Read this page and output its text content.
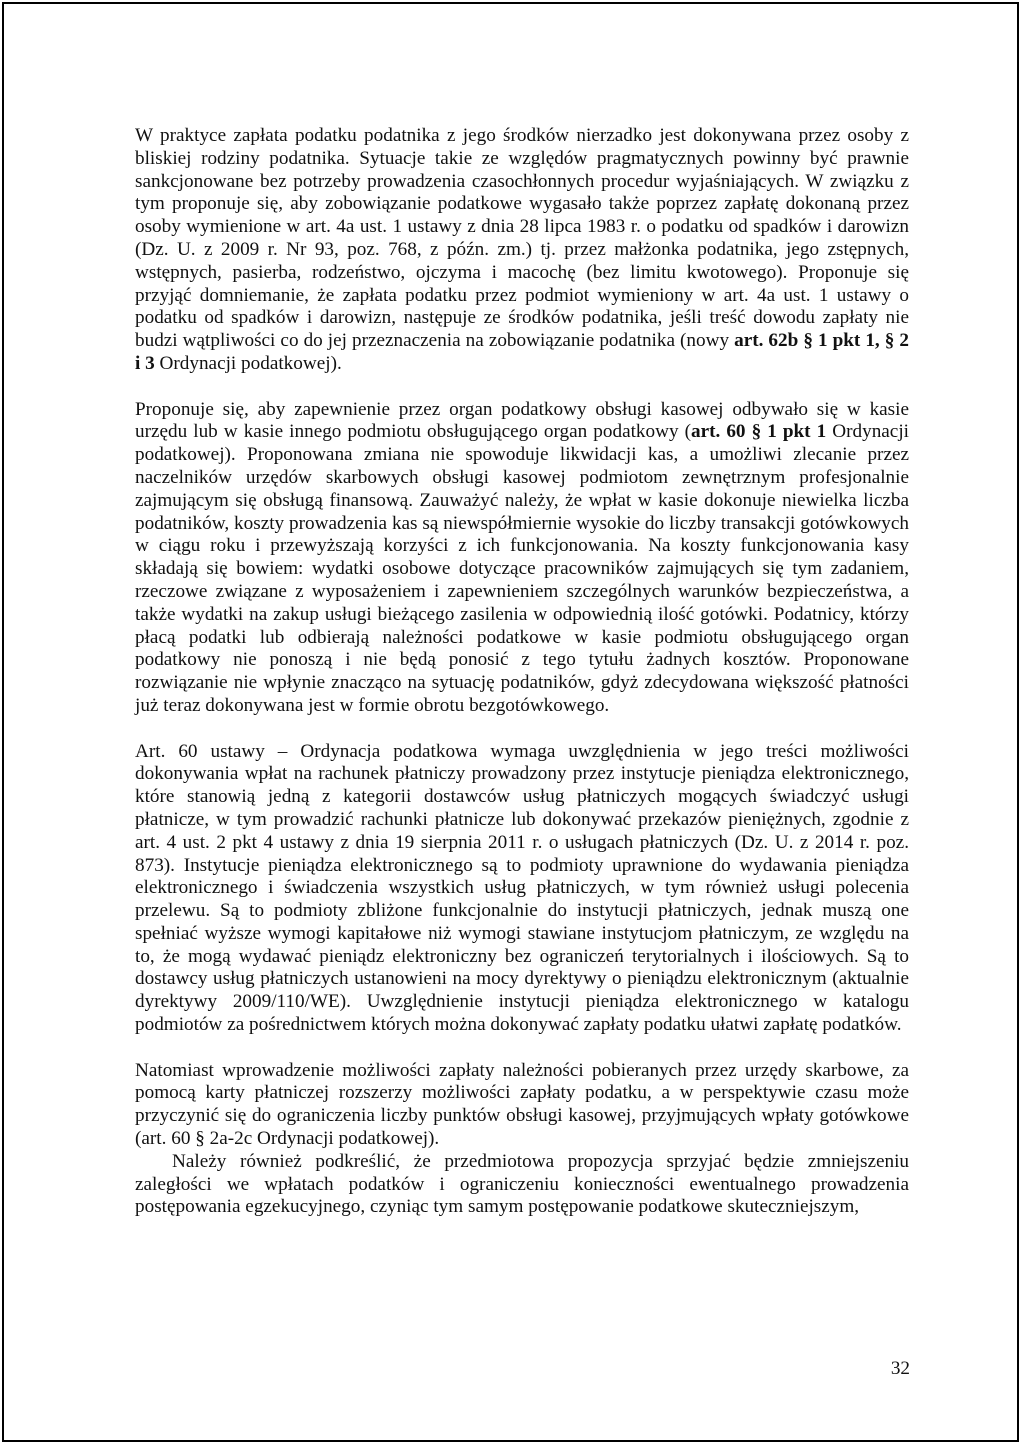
W praktyce zapłata podatku podatnika z jego środków nierzadko jest dokonywana przez osoby z bliskiej rodziny podatnika. Sytuacje takie ze względów pragmatycznych powinny być prawnie sankcjonowane bez potrzeby prowadzenia czasochłonnych procedur wyjaśniających. W związku z tym proponuje się, aby zobowiązanie podatkowe wygasało także poprzez zapłatę dokonaną przez osoby wymienione w art. 4a ust. 1 ustawy z dnia 28 lipca 1983 r. o podatku od spadków i darowizn (Dz. U. z 2009 r. Nr 93, poz. 768, z późn. zm.) tj. przez małżonka podatnika, jego zstępnych, wstępnych, pasierba, rodzeństwo, ojczyma i macochę (bez limitu kwotowego). Proponuje się przyjąć domniemanie, że zapłata podatku przez podmiot wymieniony w art. 4a ust. 1 ustawy o podatku od spadków i darowizn, następuje ze środków podatnika, jeśli treść dowodu zapłaty nie budzi wątpliwości co do jej przeznaczenia na zobowiązanie podatnika (nowy art. 62b § 1 pkt 1, § 2 i 3 Ordynacji podatkowej).

Proponuje się, aby zapewnienie przez organ podatkowy obsługi kasowej odbywało się w kasie urzędu lub w kasie innego podmiotu obsługującego organ podatkowy (art. 60 § 1 pkt 1 Ordynacji podatkowej). Proponowana zmiana nie spowoduje likwidacji kas, a umożliwi zlecanie przez naczelników urzędów skarbowych obsługi kasowej podmiotom zewnętrznym profesjonalnie zajmującym się obsługą finansową. Zauważyć należy, że wpłat w kasie dokonuje niewielka liczba podatników, koszty prowadzenia kas są niewspółmiernie wysokie do liczby transakcji gotówkowych w ciągu roku i przewyższają korzyści z ich funkcjonowania. Na koszty funkcjonowania kasy składają się bowiem: wydatki osobowe dotyczące pracowników zajmujących się tym zadaniem, rzeczowe związane z wyposażeniem i zapewnieniem szczególnych warunków bezpieczeństwa, a także wydatki na zakup usługi bieżącego zasilenia w odpowiednią ilość gotówki. Podatnicy, którzy płacą podatki lub odbierają należności podatkowe w kasie podmiotu obsługującego organ podatkowy nie ponoszą i nie będą ponosić z tego tytułu żadnych kosztów. Proponowane rozwiązanie nie wpłynie znacząco na sytuację podatników, gdyż zdecydowana większość płatności już teraz dokonywana jest w formie obrotu bezgotówkowego.

Art. 60 ustawy – Ordynacja podatkowa wymaga uwzględnienia w jego treści możliwości dokonywania wpłat na rachunek płatniczy prowadzony przez instytucje pieniądza elektronicznego, które stanowią jedną z kategorii dostawców usług płatniczych mogących świadczyć usługi płatnicze, w tym prowadzić rachunki płatnicze lub dokonywać przekazów pieniężnych, zgodnie z art. 4 ust. 2 pkt 4 ustawy z dnia 19 sierpnia 2011 r. o usługach płatniczych (Dz. U. z 2014 r. poz. 873). Instytucje pieniądza elektronicznego są to podmioty uprawnione do wydawania pieniądza elektronicznego i świadczenia wszystkich usług płatniczych, w tym również usługi polecenia przelewu. Są to podmioty zbliżone funkcjonalnie do instytucji płatniczych, jednak muszą one spełniać wyższe wymogi kapitałowe niż wymogi stawiane instytucjom płatniczym, ze względu na to, że mogą wydawać pieniądz elektroniczny bez ograniczeń terytorialnych i ilościowych. Są to dostawcy usług płatniczych ustanowieni na mocy dyrektywy o pieniądzu elektronicznym (aktualnie dyrektywy 2009/110/WE). Uwzględnienie instytucji pieniądza elektronicznego w katalogu podmiotów za pośrednictwem których można dokonywać zapłaty podatku ułatwi zapłatę podatków.

Natomiast wprowadzenie możliwości zapłaty należności pobieranych przez urzędy skarbowe, za pomocą karty płatniczej rozszerzy możliwości zapłaty podatku, a w perspektywie czasu może przyczynić się do ograniczenia liczby punktów obsługi kasowej, przyjmujących wpłaty gotówkowe (art. 60 § 2a-2c Ordynacji podatkowej).

Należy również podkreślić, że przedmiotowa propozycja sprzyjać będzie zmniejszeniu zaległości we wpłatach podatków i ograniczeniu konieczności ewentualnego prowadzenia postępowania egzekucyjnego, czyniąc tym samym postępowanie podatkowe skuteczniejszym,

32
